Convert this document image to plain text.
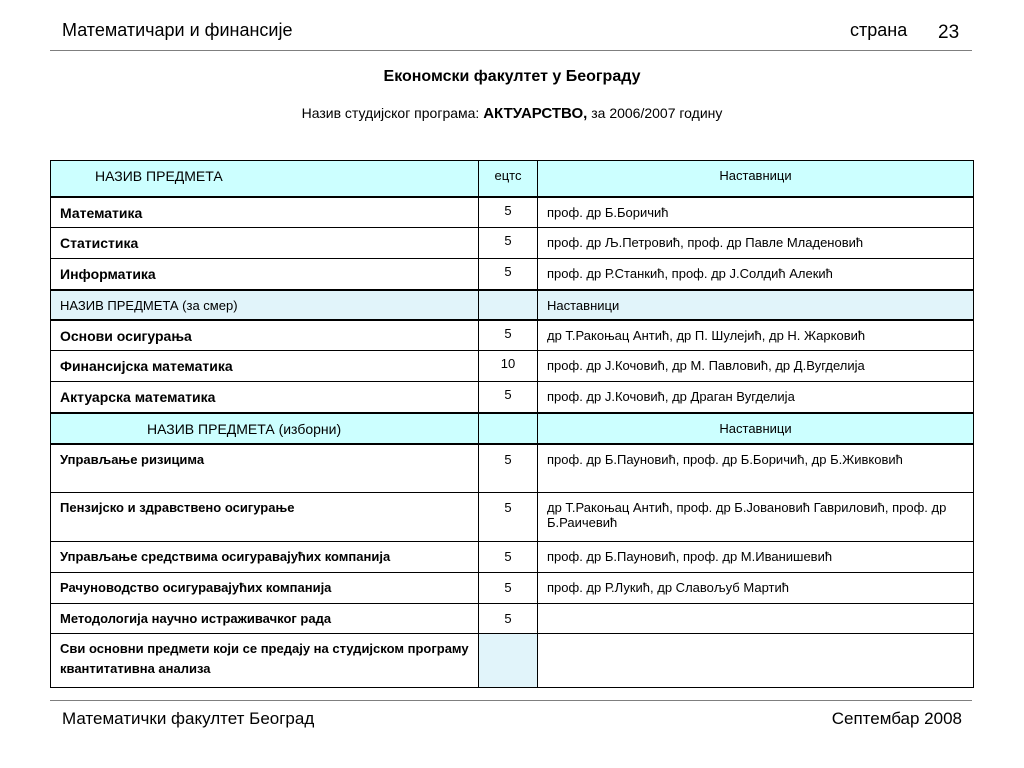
Математичари и финансије	страна 23
Економски факултет у Београду
Назив студијског програма: АКТУАРСТВО, за 2006/2007 годину
НАЗИВ ПРЕДМЕТА	ецтс	Наставници
Математика	5	проф. др Б.Боричић
Статистика	5	проф. др Љ.Петровић, проф. др Павле Младеновић
Информатика	5	проф. др Р.Станкић, проф. др Ј.Солдић Алекић
НАЗИВ ПРЕДМЕТА (за смер)		Наставници
Основи осигурања	5	др Т.Ракоњац Антић, др П. Шулејић, др Н. Жарковић
Финансијска математика	10	проф. др Ј.Кочовић, др М. Павловић, др Д.Вугделија
Актуарска математика	5	проф. др Ј.Кочовић, др Драган Вугделија
НАЗИВ ПРЕДМЕТА (изборни)		Наставници
Управљање ризицима	5	проф. др Б.Пауновић, проф. др Б.Боричић, др Б.Живковић
Пензијско и здравствено осигурање	5	др Т.Ракоњац Антић, проф. др Б.Јовановић Гавриловић, проф. др Б.Раичевић
Управљање средствима осигуравајућих компанија	5	проф. др Б.Пауновић, проф. др М.Иванишевић
Рачуноводство осигуравајућих компанија	5	проф. др Р.Лукић, др Славољуб Мартић
Методологија научно истраживачког рада	5	
Сви основни предмети који се предају на студијском програму квантитативна анализа		
Математички факултет Београд	Септембар 2008
